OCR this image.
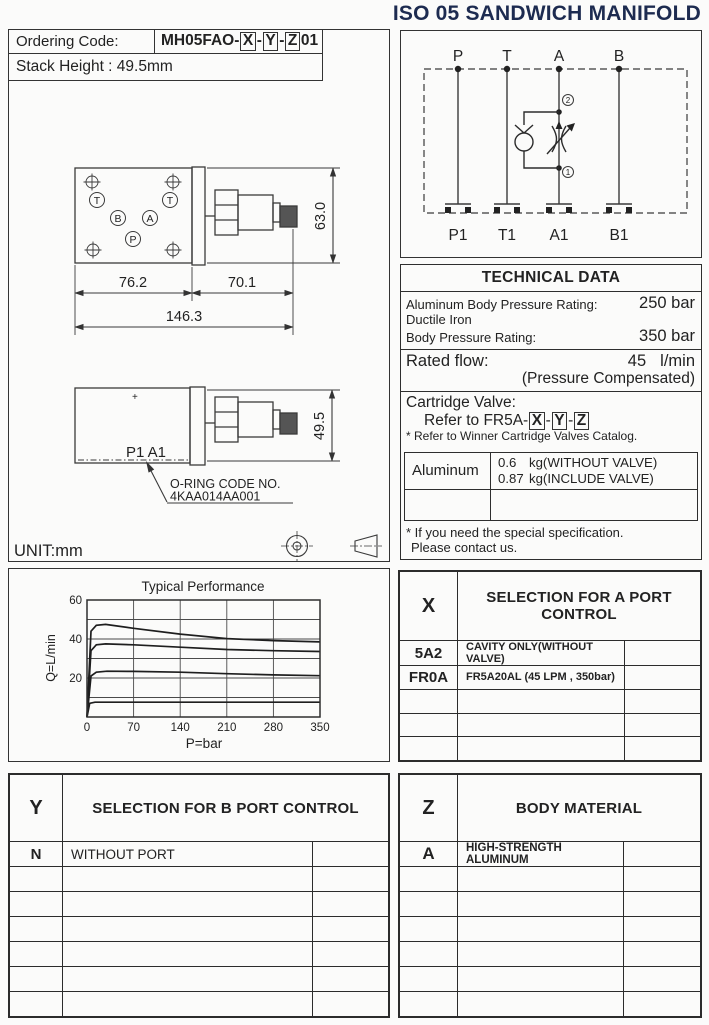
ISO 05 SANDWICH MANIFOLD
Ordering Code:	MH05FAO- X - Y - Z 01
Stack Height : 49.5mm
T	T
B A
P
76.2	70.1
146.3
63.0
49.5
+
P1 A1
O-RING CODE NO.
4KAA014AA001
UNIT:mm
2
1
P	T	A	B
P1 T1 A1	B1
TECHNICAL DATA
Aluminum Body Pressure Rating:	250 bar
Ductile Iron
Body Pressure Rating:	350 bar
Rated flow:	45 l/min
(Pressure Compensated)
Cartridge Valve:
Refer to FR5A- X - Y - Z
* Refer to Winner Cartridge Valves Catalog.
Aluminum	0.6 kg(WITHOUT VALVE)
0.87 kg(INCLUDE VALVE)
* If you need the special specification.
Please contact us.
0	70	140 210 280 350
20
40
60
Typical Performance
P=bar
Q=L/min
X	SELECTION FOR A PORT CONTROL
5A2	CAVITY ONLY(WITHOUT VALVE)
FR0A	FR5A20AL (45 LPM , 350bar)
Y	SELECTION FOR B PORT CONTROL
N	WITHOUT PORT
Z	BODY MATERIAL
A	HIGH-STRENGTH ALUMINUM
